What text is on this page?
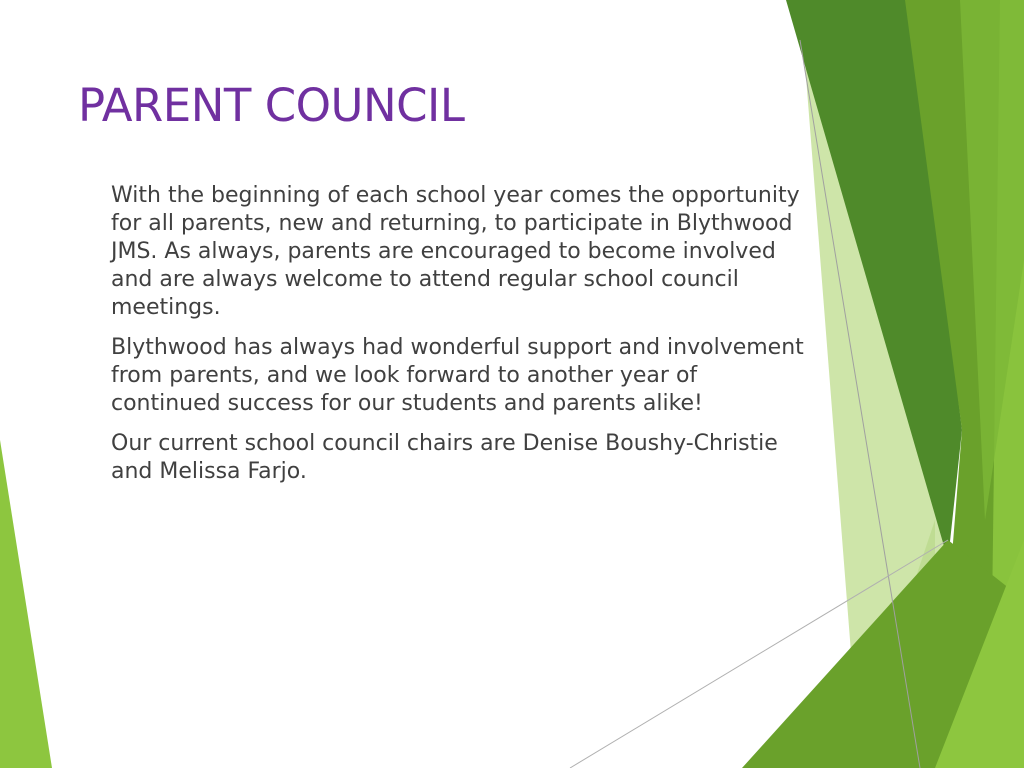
PARENT COUNCIL

With the beginning of each school year comes the opportunity for all parents, new and returning, to participate in Blythwood JMS. As always, parents are encouraged to become involved and are always welcome to attend regular school council meetings.

Blythwood has always had wonderful support and involvement from parents, and we look forward to another year of continued success for our students and parents alike!

Our current school council chairs are Denise Boushy-Christie and Melissa Farjo.
